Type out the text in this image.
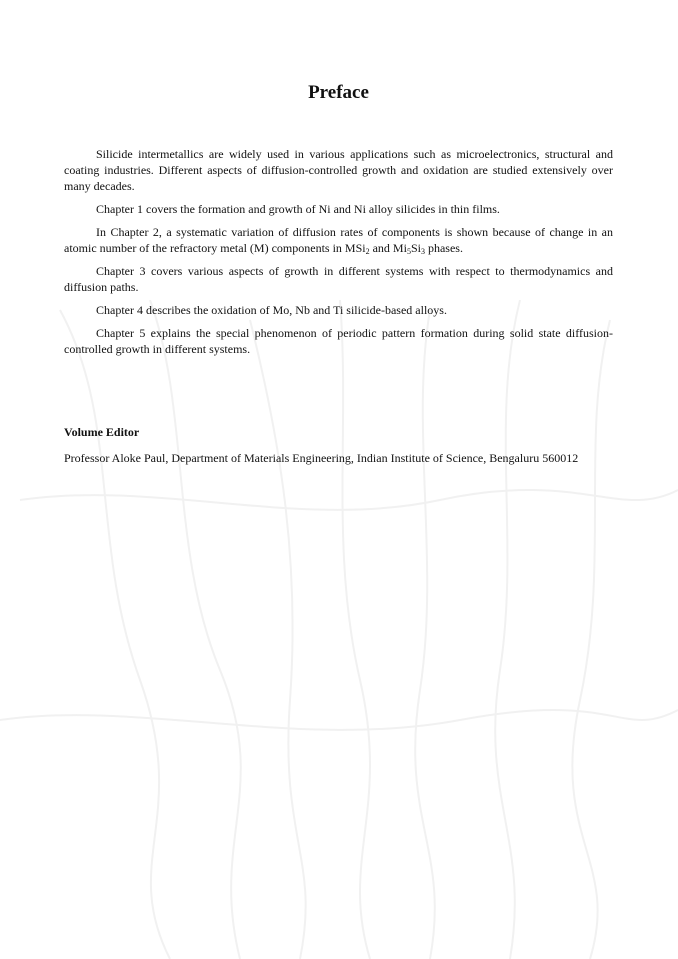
Preface

Silicide intermetallics are widely used in various applications such as microelectronics, structural and coating industries. Different aspects of diffusion-controlled growth and oxidation are studied extensively over many decades.

Chapter 1 covers the formation and growth of Ni and Ni alloy silicides in thin films.

In Chapter 2, a systematic variation of diffusion rates of components is shown because of change in an atomic number of the refractory metal (M) components in MSi$_2$ and $Mi_5Si_3$ phases.

Chapter 3 covers various aspects of growth in different systems with respect to thermodynamics and diffusion paths.

Chapter 4 describes the oxidation of Mo, Nb and Ti silicide-based alloys.

Chapter 5 explains the special phenomenon of periodic pattern formation during solid state diffusion-controlled growth in different systems.

Volume Editor
Professor Aloke Paul, Department of Materials Engineering, Indian Institute of Science, Bengaluru 560012
